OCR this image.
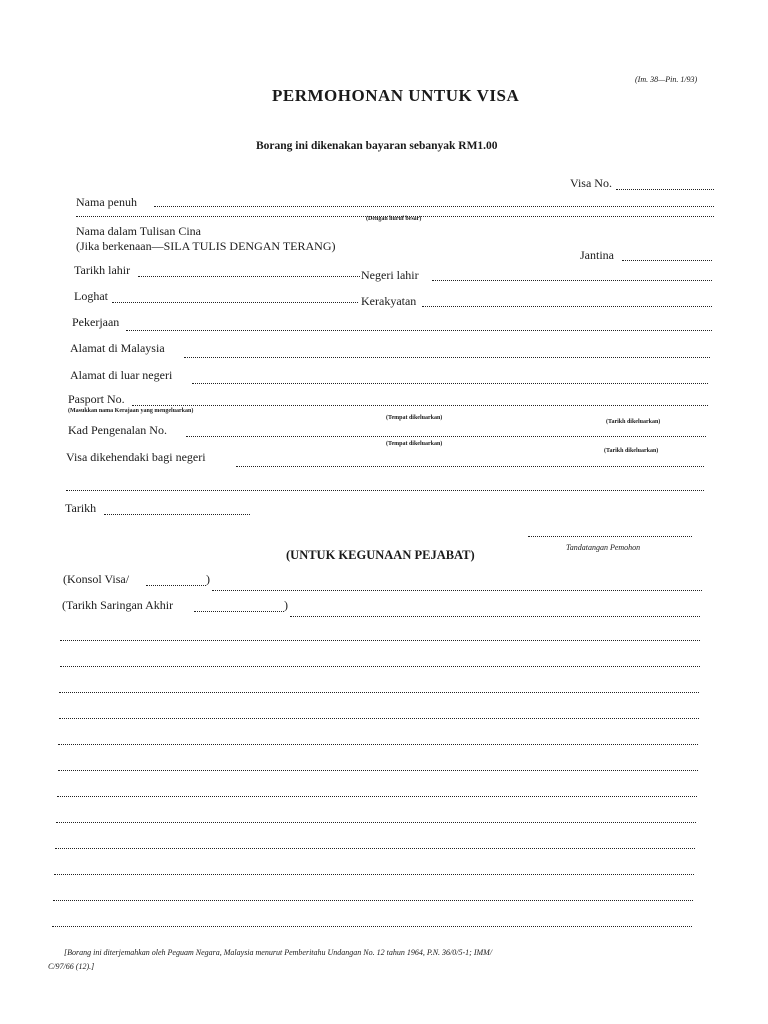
(Im. 38—Pin. 1/93)
PERMOHONAN UNTUK VISA
Borang ini dikenakan bayaran sebanyak RM1.00
Visa No.
Nama penuh
(Dengan huruf besar)
Nama dalam Tulisan Cina
(Jika berkenaan—SILA TULIS DENGAN TERANG)
Jantina
Tarikh lahir	Negeri lahir
Loghat	Kerakyatan
Pekerjaan
Alamat di Malaysia
Alamat di luar negeri
Pasport No.
(Masukkan nama Kerajaan yang mengeluarkan)
(Tempat dikeluarkan)
(Tarikh dikeluarkan)
Kad Pengenalan No.
(Tempat dikeluarkan)
(Tarikh dikeluarkan)
Visa dikehendaki bagi negeri
Tarikh
Tandatangan Pemohon
(UNTUK KEGUNAAN PEJABAT)
(Konsol Visa/	)
(Tarikh Saringan Akhir	)
[Borang ini diterjemahkan oleh Peguam Negara, Malaysia menurut Pemberitahu Undangan No. 12 tahun 1964, P.N. 36/0/5-1; IMM/
C/97/66 (12).]
